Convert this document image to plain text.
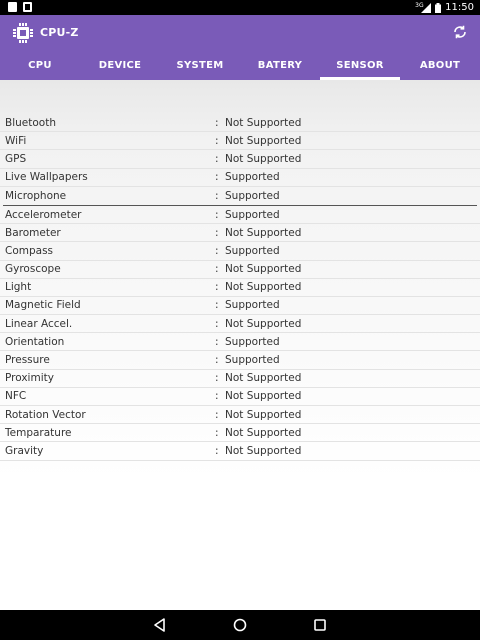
3G 11:50
CPU-Z
CPU	DEVICE	SYSTEM	BATERY	SENSOR	ABOUT
Bluetooth	: Not Supported
WiFi	: Not Supported
GPS	: Not Supported
Live Wallpapers	: Supported
Microphone	: Supported
Accelerometer	: Supported
Barometer	: Not Supported
Compass	: Supported
Gyroscope	: Not Supported
Light	: Not Supported
Magnetic Field	: Supported
Linear Accel.	: Not Supported
Orientation	: Supported
Pressure	: Supported
Proximity	: Not Supported
NFC	: Not Supported
Rotation Vector	: Not Supported
Temparature	: Not Supported
Gravity	: Not Supported
